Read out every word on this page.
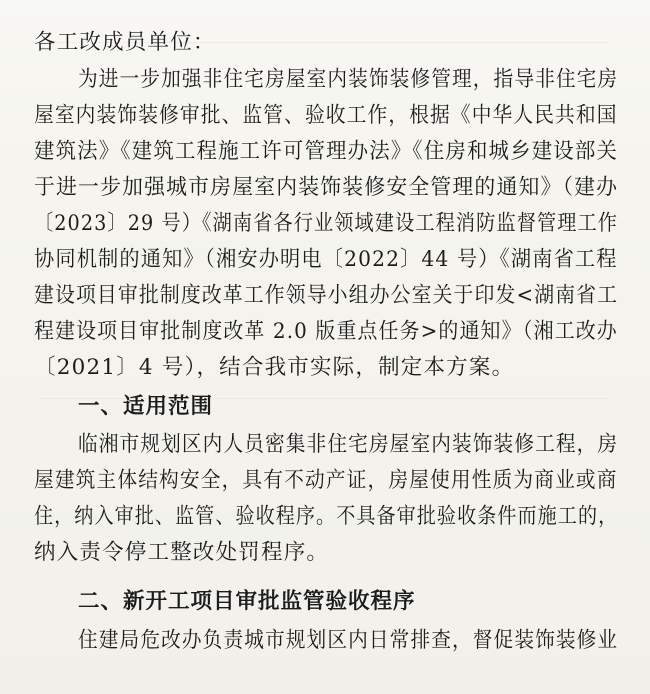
各工改成员单位：
为进一步加强非住宅房屋室内装饰装修管理，指导非住宅房
屋室内装饰装修审批、监管、验收工作，根据《中华人民共和国
建筑法》《建筑工程施工许可管理办法》《住房和城乡建设部关
于进一步加强城市房屋室内装饰装修安全管理的通知》（建办
〔2023〕29 号）《湖南省各行业领域建设工程消防监督管理工作
协同机制的通知》（湘安办明电〔2022〕44 号）《湖南省工程
建设项目审批制度改革工作领导小组办公室关于印发<湖南省工
程建设项目审批制度改革 2.0 版重点任务>的通知》（湘工改办
〔2021〕4 号），结合我市实际，制定本方案。
一、适用范围
临湘市规划区内人员密集非住宅房屋室内装饰装修工程，房
屋建筑主体结构安全，具有不动产证，房屋使用性质为商业或商
住，纳入审批、监管、验收程序。不具备审批验收条件而施工的，
纳入责令停工整改处罚程序。
二、新开工项目审批监管验收程序
住建局危改办负责城市规划区内日常排查，督促装饰装修业
